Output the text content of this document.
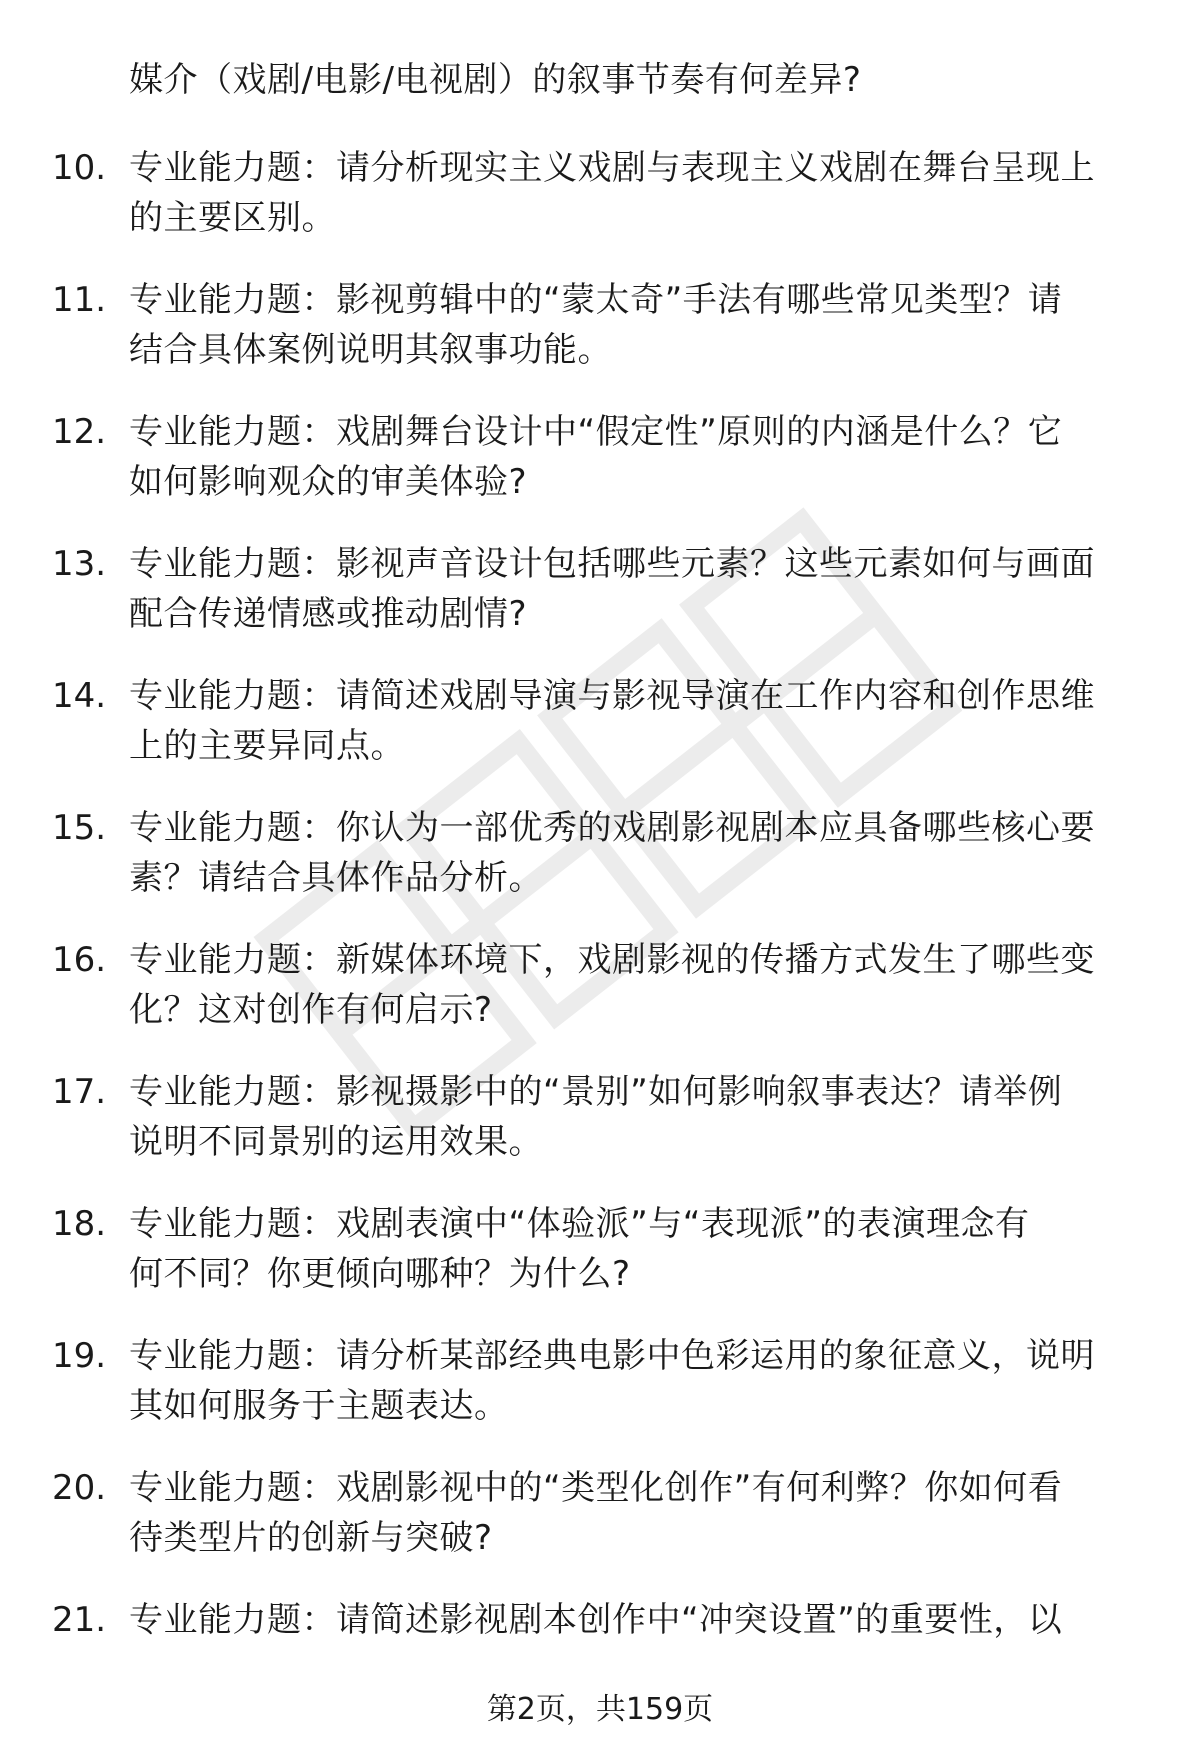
媒介（戏剧/电影/电视剧）的叙事节奏有何差异?
10. 专业能力题：请分析现实主义戏剧与表现主义戏剧在舞台呈现上
的主要区别。
11. 专业能力题：影视剪辑中的“蒙太奇”手法有哪些常见类型？请
结合具体案例说明其叙事功能。
12. 专业能力题：戏剧舞台设计中“假定性”原则的内涵是什么？它
如何影响观众的审美体验?
13. 专业能力题：影视声音设计包括哪些元素？这些元素如何与画面
配合传递情感或推动剧情?
14. 专业能力题：请简述戏剧导演与影视导演在工作内容和创作思维
上的主要异同点。
15. 专业能力题：你认为一部优秀的戏剧影视剧本应具备哪些核心要
素？请结合具体作品分析。
16. 专业能力题：新媒体环境下，戏剧影视的传播方式发生了哪些变
化？这对创作有何启示?
17. 专业能力题：影视摄影中的“景别”如何影响叙事表达？请举例
说明不同景别的运用效果。
18. 专业能力题：戏剧表演中“体验派”与“表现派”的表演理念有
何不同？你更倾向哪种？为什么?
19. 专业能力题：请分析某部经典电影中色彩运用的象征意义，说明
其如何服务于主题表达。
20. 专业能力题：戏剧影视中的“类型化创作”有何利弊？你如何看
待类型片的创新与突破?
21. 专业能力题：请简述影视剧本创作中“冲突设置”的重要性，以
第2页，共159页
